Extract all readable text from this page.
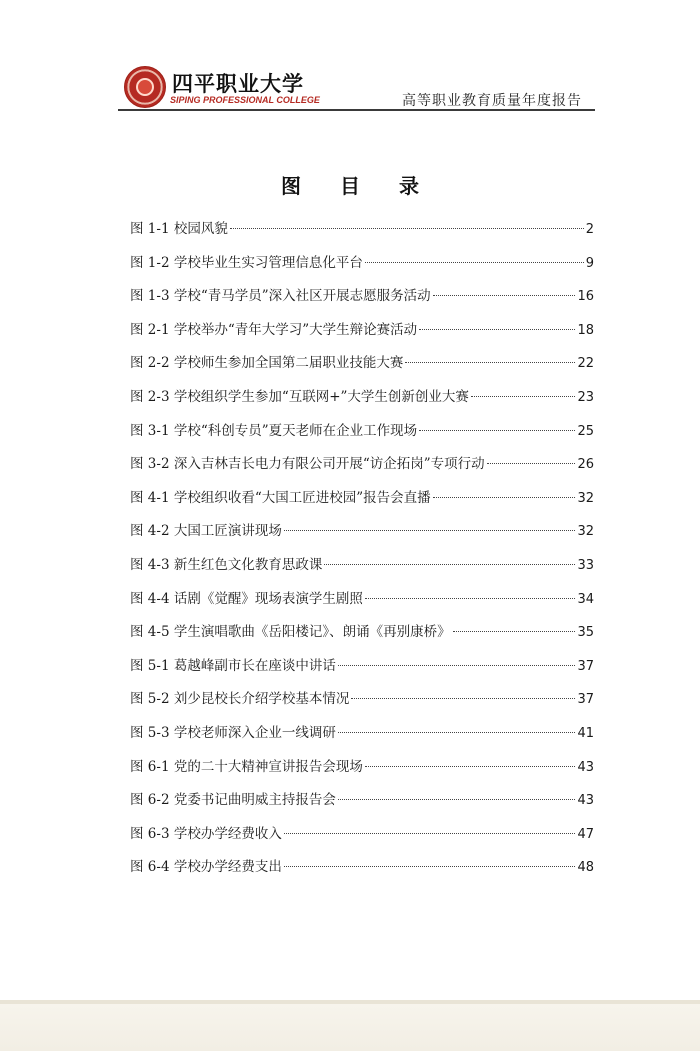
四平职业大学
SIPING PROFESSIONAL COLLEGE	高等职业教育质量年度报告
图 目 录
图 1-1 校园风貌	2
图 1-2 学校毕业生实习管理信息化平台	9
图 1-3 学校“青马学员”深入社区开展志愿服务活动	16
图 2-1 学校举办“青年大学习”大学生辩论赛活动	18
图 2-2 学校师生参加全国第二届职业技能大赛	22
图 2-3 学校组织学生参加“互联网+”大学生创新创业大赛	23
图 3-1 学校“科创专员”夏天老师在企业工作现场	25
图 3-2 深入吉林吉长电力有限公司开展“访企拓岗”专项行动	26
图 4-1 学校组织收看“大国工匠进校园”报告会直播	32
图 4-2 大国工匠演讲现场	32
图 4-3 新生红色文化教育思政课	33
图 4-4 话剧《觉醒》现场表演学生剧照	34
图 4-5 学生演唱歌曲《岳阳楼记》、朗诵《再别康桥》	35
图 5-1 葛越峰副市长在座谈中讲话	37
图 5-2 刘少昆校长介绍学校基本情况	37
图 5-3 学校老师深入企业一线调研	41
图 6-1 党的二十大精神宣讲报告会现场	43
图 6-2 党委书记曲明威主持报告会	43
图 6-3 学校办学经费收入	47
图 6-4 学校办学经费支出	48
